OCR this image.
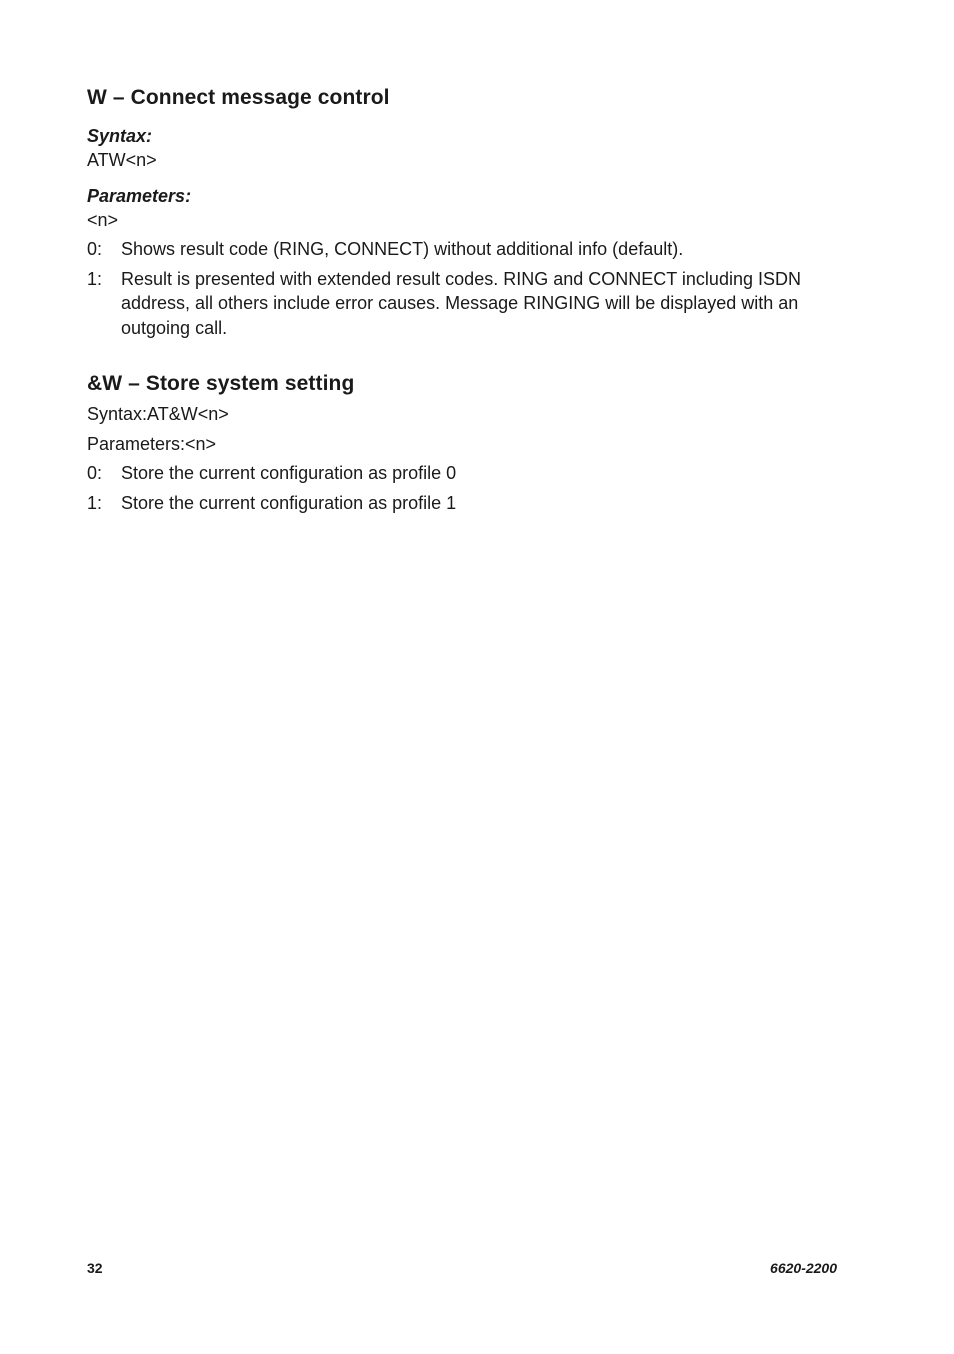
W – Connect message control
Syntax:
ATW<n>
Parameters:
<n>
0:	Shows result code (RING, CONNECT) without additional info (default).
1:	Result is presented with extended result codes. RING and CONNECT including ISDN address, all others include error causes. Message RINGING will be displayed with an outgoing call.
&W – Store system setting
Syntax:AT&W<n>
Parameters:<n>
0:	Store the current configuration as profile 0
1:	Store the current configuration as profile 1
32	6620-2200
